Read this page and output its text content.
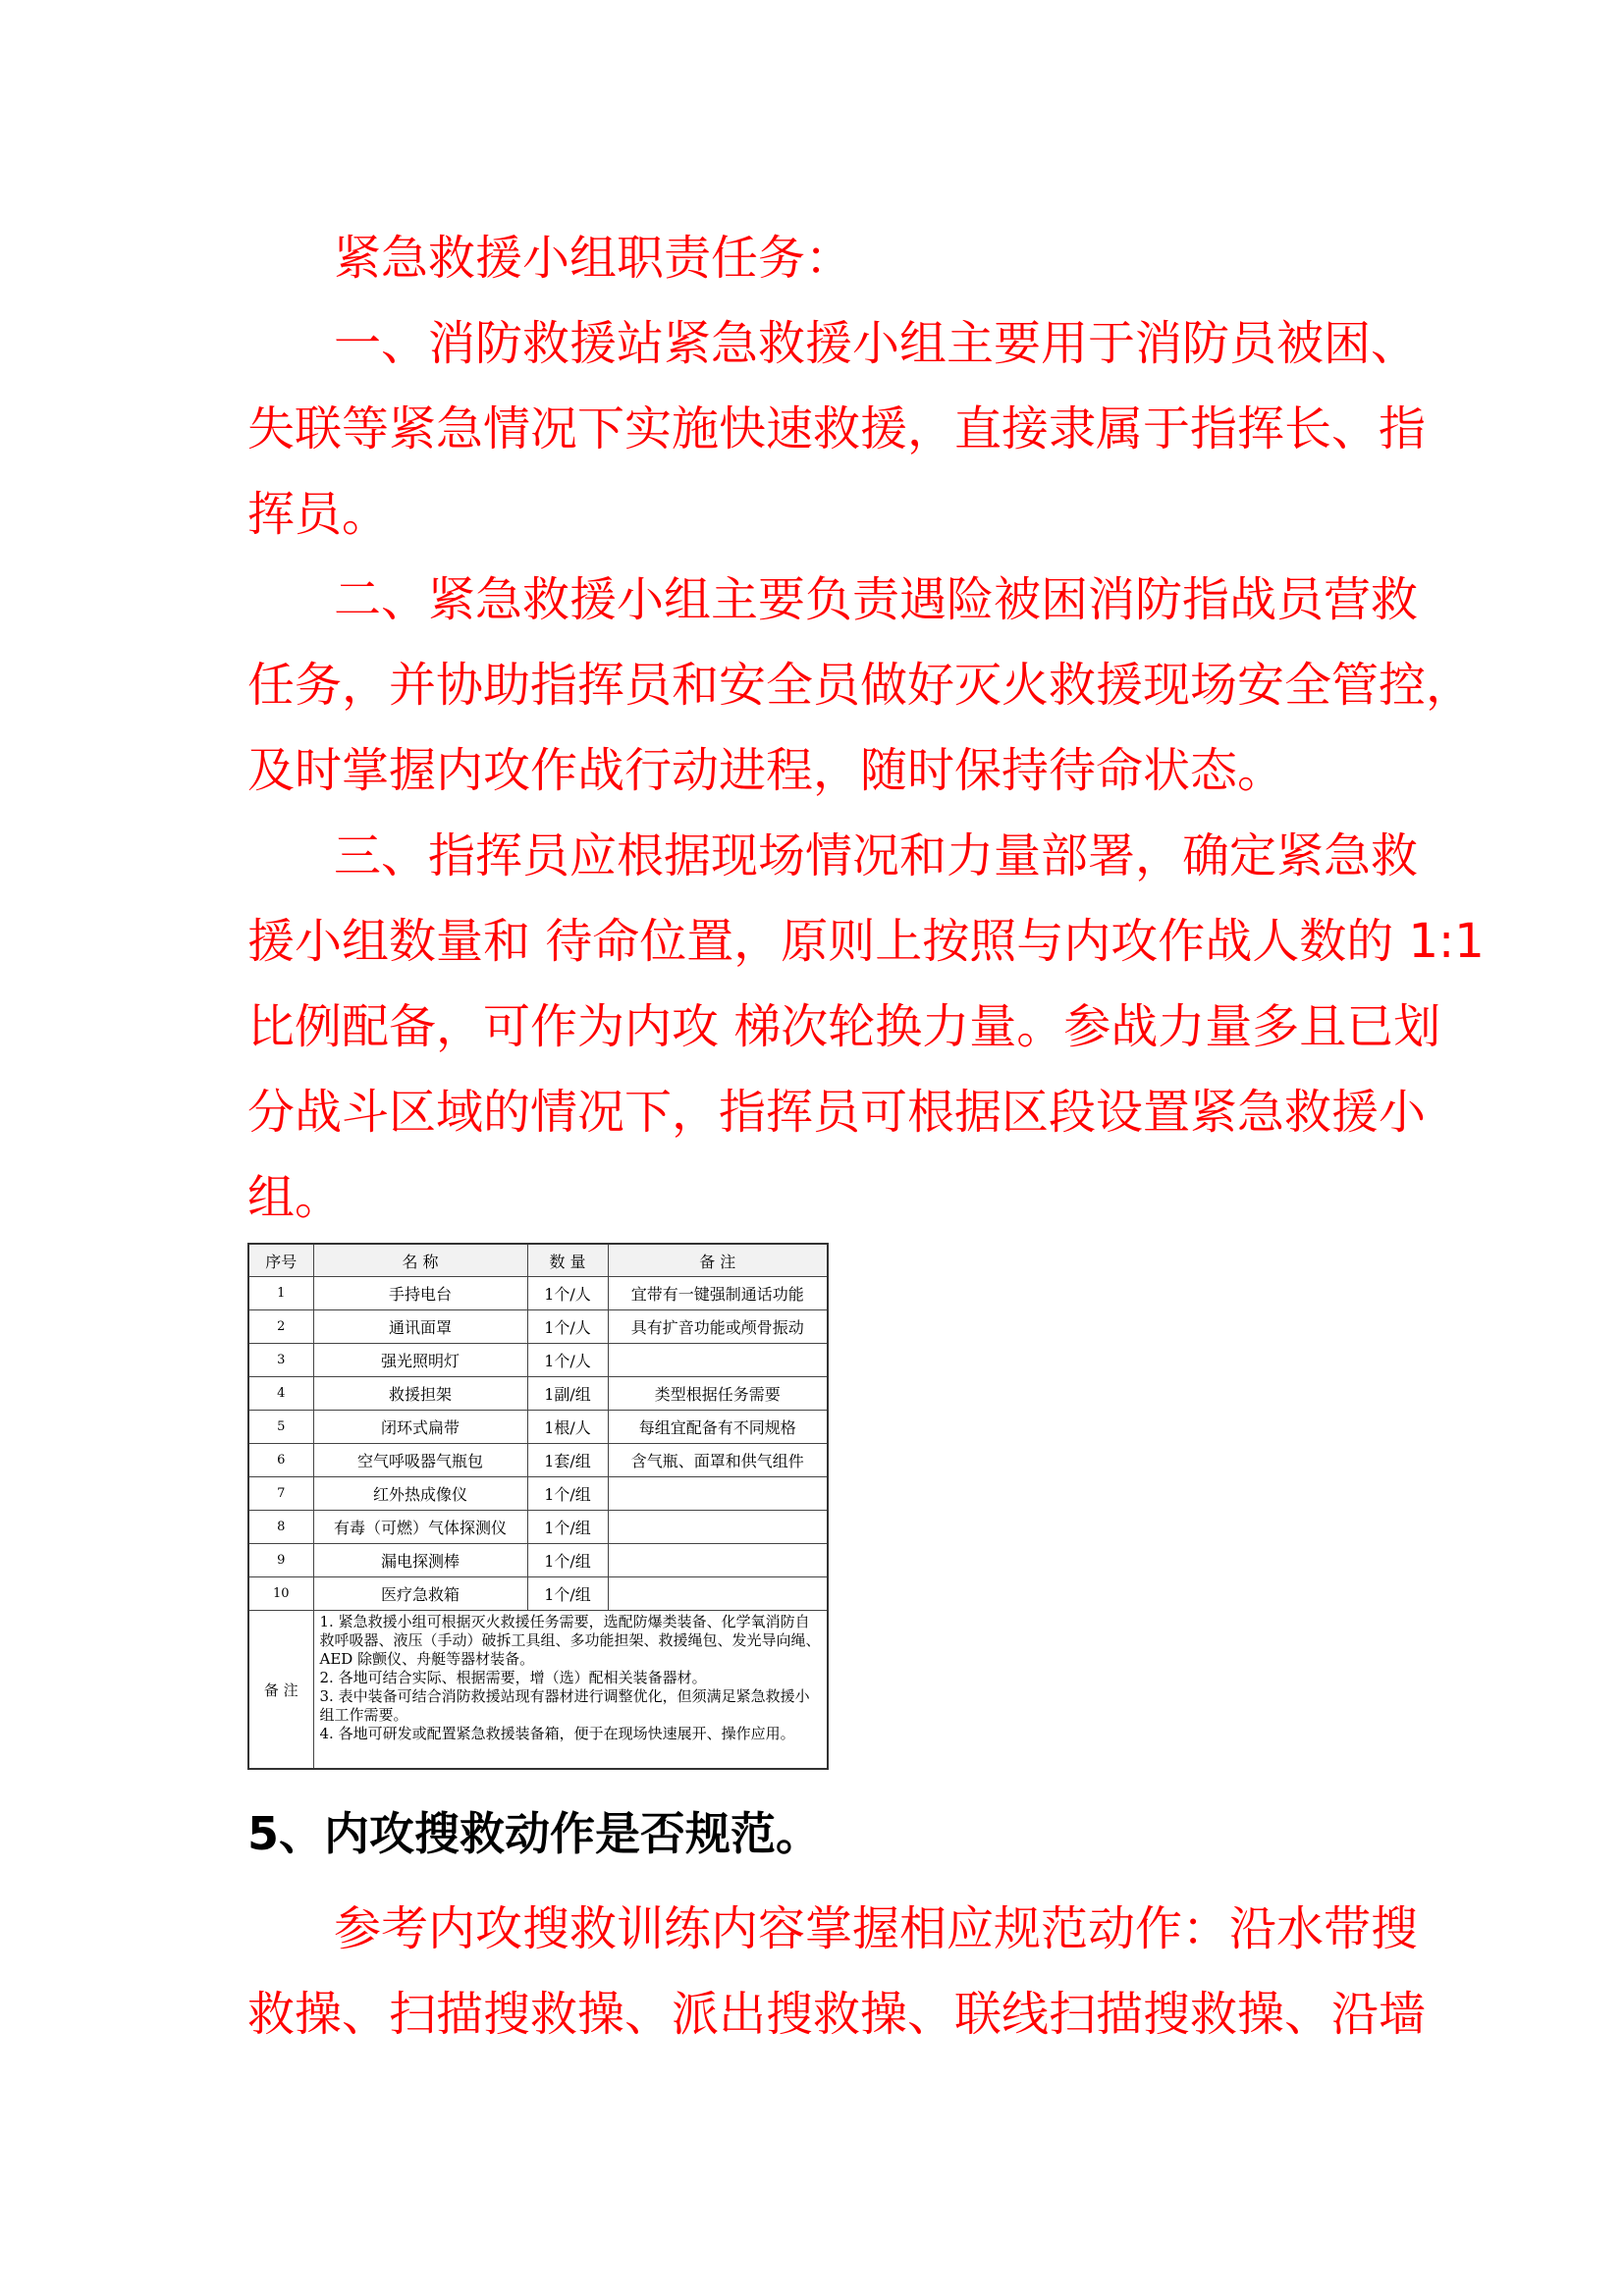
紧急救援小组职责任务：
一、消防救援站紧急救援小组主要用于消防员被困、
失联等紧急情况下实施快速救援，直接隶属于指挥长、指
挥员。
二、紧急救援小组主要负责遇险被困消防指战员营救
任务，并协助指挥员和安全员做好灭火救援现场安全管控，
及时掌握内攻作战行动进程，随时保持待命状态。
三、指挥员应根据现场情况和力量部署，确定紧急救
援小组数量和 待命位置，原则上按照与内攻作战人数的 1:1
比例配备，可作为内攻 梯次轮换力量。参战力量多且已划
分战斗区域的情况下，指挥员可根据区段设置紧急救援小
组。
序号	名 称	数 量	备 注
1	手持电台	1个/人	宜带有一键强制通话功能
2	通讯面罩	1个/人	具有扩音功能或颅骨振动
3	强光照明灯	1个/人	
4	救援担架	1副/组	类型根据任务需要
5	闭环式扁带	1根/人	每组宜配备有不同规格
6	空气呼吸器气瓶包	1套/组	含气瓶、面罩和供气组件
7	红外热成像仪	1个/组	
8	有毒（可燃）气体探测仪	1个/组	
9	漏电探测棒	1个/组	
10	医疗急救箱	1个/组	
备 注	1. 紧急救援小组可根据灭火救援任务需要，选配防爆类装备、化学氧消防自救呼吸器、液压（手动）破拆工具组、多功能担架、救援绳包、发光导向绳、AED 除颤仪、舟艇等器材装备。
2. 各地可结合实际、根据需要，增（选）配相关装备器材。
3. 表中装备可结合消防救援站现有器材进行调整优化，但须满足紧急救援小组工作需要。
4. 各地可研发或配置紧急救援装备箱，便于在现场快速展开、操作应用。		
5、内攻搜救动作是否规范。
参考内攻搜救训练内容掌握相应规范动作：沿水带搜
救操、扫描搜救操、派出搜救操、联线扫描搜救操、沿墙
